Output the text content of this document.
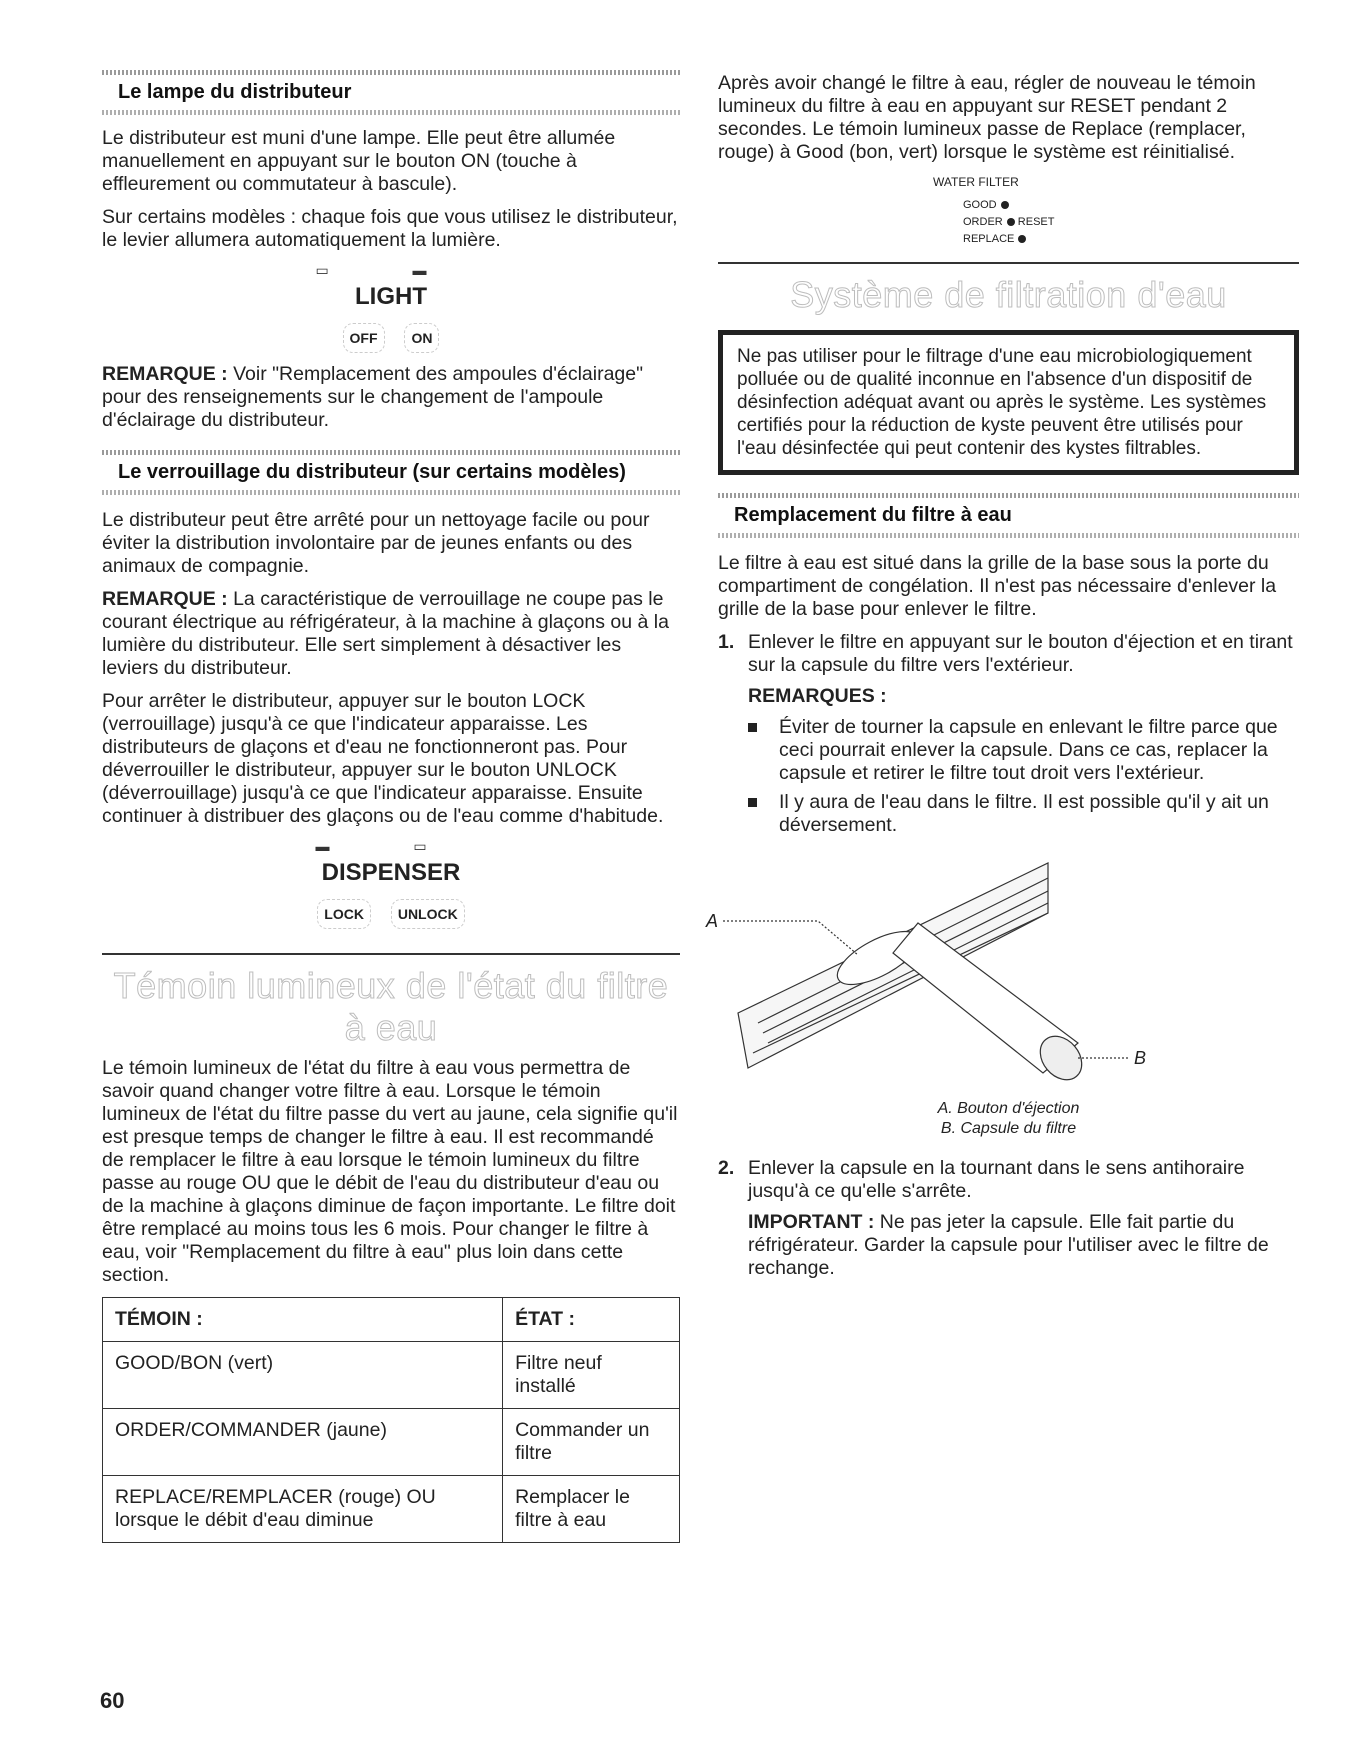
Le lampe du distributeur

Le distributeur est muni d'une lampe. Elle peut être allumée manuellement en appuyant sur le bouton ON (touche à effleurement ou commutateur à bascule).

Sur certains modèles : chaque fois que vous utilisez le distributeur, le levier allumera automatiquement la lumière.

▭ ▬
LIGHT
OFF ON

REMARQUE : Voir "Remplacement des ampoules d'éclairage" pour des renseignements sur le changement de l'ampoule d'éclairage du distributeur.

Le verrouillage du distributeur (sur certains modèles)

Le distributeur peut être arrêté pour un nettoyage facile ou pour éviter la distribution involontaire par de jeunes enfants ou des animaux de compagnie.

REMARQUE : La caractéristique de verrouillage ne coupe pas le courant électrique au réfrigérateur, à la machine à glaçons ou à la lumière du distributeur. Elle sert simplement à désactiver les leviers du distributeur.

Pour arrêter le distributeur, appuyer sur le bouton LOCK (verrouillage) jusqu'à ce que l'indicateur apparaisse. Les distributeurs de glaçons et d'eau ne fonctionneront pas. Pour déverrouiller le distributeur, appuyer sur le bouton UNLOCK (déverrouillage) jusqu'à ce que l'indicateur apparaisse. Ensuite continuer à distribuer des glaçons ou de l'eau comme d'habitude.

▬ ▭
DISPENSER
LOCK UNLOCK
Témoin lumineux de l'état du filtre à eau

Le témoin lumineux de l'état du filtre à eau vous permettra de savoir quand changer votre filtre à eau. Lorsque le témoin lumineux de l'état du filtre passe du vert au jaune, cela signifie qu'il est presque temps de changer le filtre à eau. Il est recommandé de remplacer le filtre à eau lorsque le témoin lumineux du filtre passe au rouge OU que le débit de l'eau du distributeur d'eau ou de la machine à glaçons diminue de façon importante. Le filtre doit être remplacé au moins tous les 6 mois. Pour changer le filtre à eau, voir "Remplacement du filtre à eau" plus loin dans cette section.

TÉMOIN :	ÉTAT :
GOOD/BON (vert)	Filtre neuf installé
ORDER/COMMANDER (jaune)	Commander un filtre
REPLACE/REMPLACER (rouge) OU lorsque le débit d'eau diminue	Remplacer le filtre à eau

Après avoir changé le filtre à eau, régler de nouveau le témoin lumineux du filtre à eau en appuyant sur RESET pendant 2 secondes. Le témoin lumineux passe de Replace (remplacer, rouge) à Good (bon, vert) lorsque le système est réinitialisé.

WATER FILTER
GOOD
ORDER RESET
REPLACE
Système de filtration d'eau

Ne pas utiliser pour le filtrage d'une eau microbiologiquement polluée ou de qualité inconnue en l'absence d'un dispositif de désinfection adéquat avant ou après le système. Les systèmes certifiés pour la réduction de kyste peuvent être utilisés pour l'eau désinfectée qui peut contenir des kystes filtrables.

Remplacement du filtre à eau

Le filtre à eau est situé dans la grille de la base sous la porte du compartiment de congélation. Il n'est pas nécessaire d'enlever la grille de la base pour enlever le filtre.

1. Enlever le filtre en appuyant sur le bouton d'éjection et en tirant sur la capsule du filtre vers l'extérieur.
REMARQUES :
Éviter de tourner la capsule en enlevant le filtre parce que ceci pourrait enlever la capsule. Dans ce cas, replacer la capsule et retirer le filtre tout droit vers l'extérieur.
Il y aura de l'eau dans le filtre. Il est possible qu'il y ait un déversement.
A
B
A. Bouton d'éjection
B. Capsule du filtre
2. Enlever la capsule en la tournant dans le sens antihoraire jusqu'à ce qu'elle s'arrête.
IMPORTANT : Ne pas jeter la capsule. Elle fait partie du réfrigérateur. Garder la capsule pour l'utiliser avec le filtre de rechange.
60
